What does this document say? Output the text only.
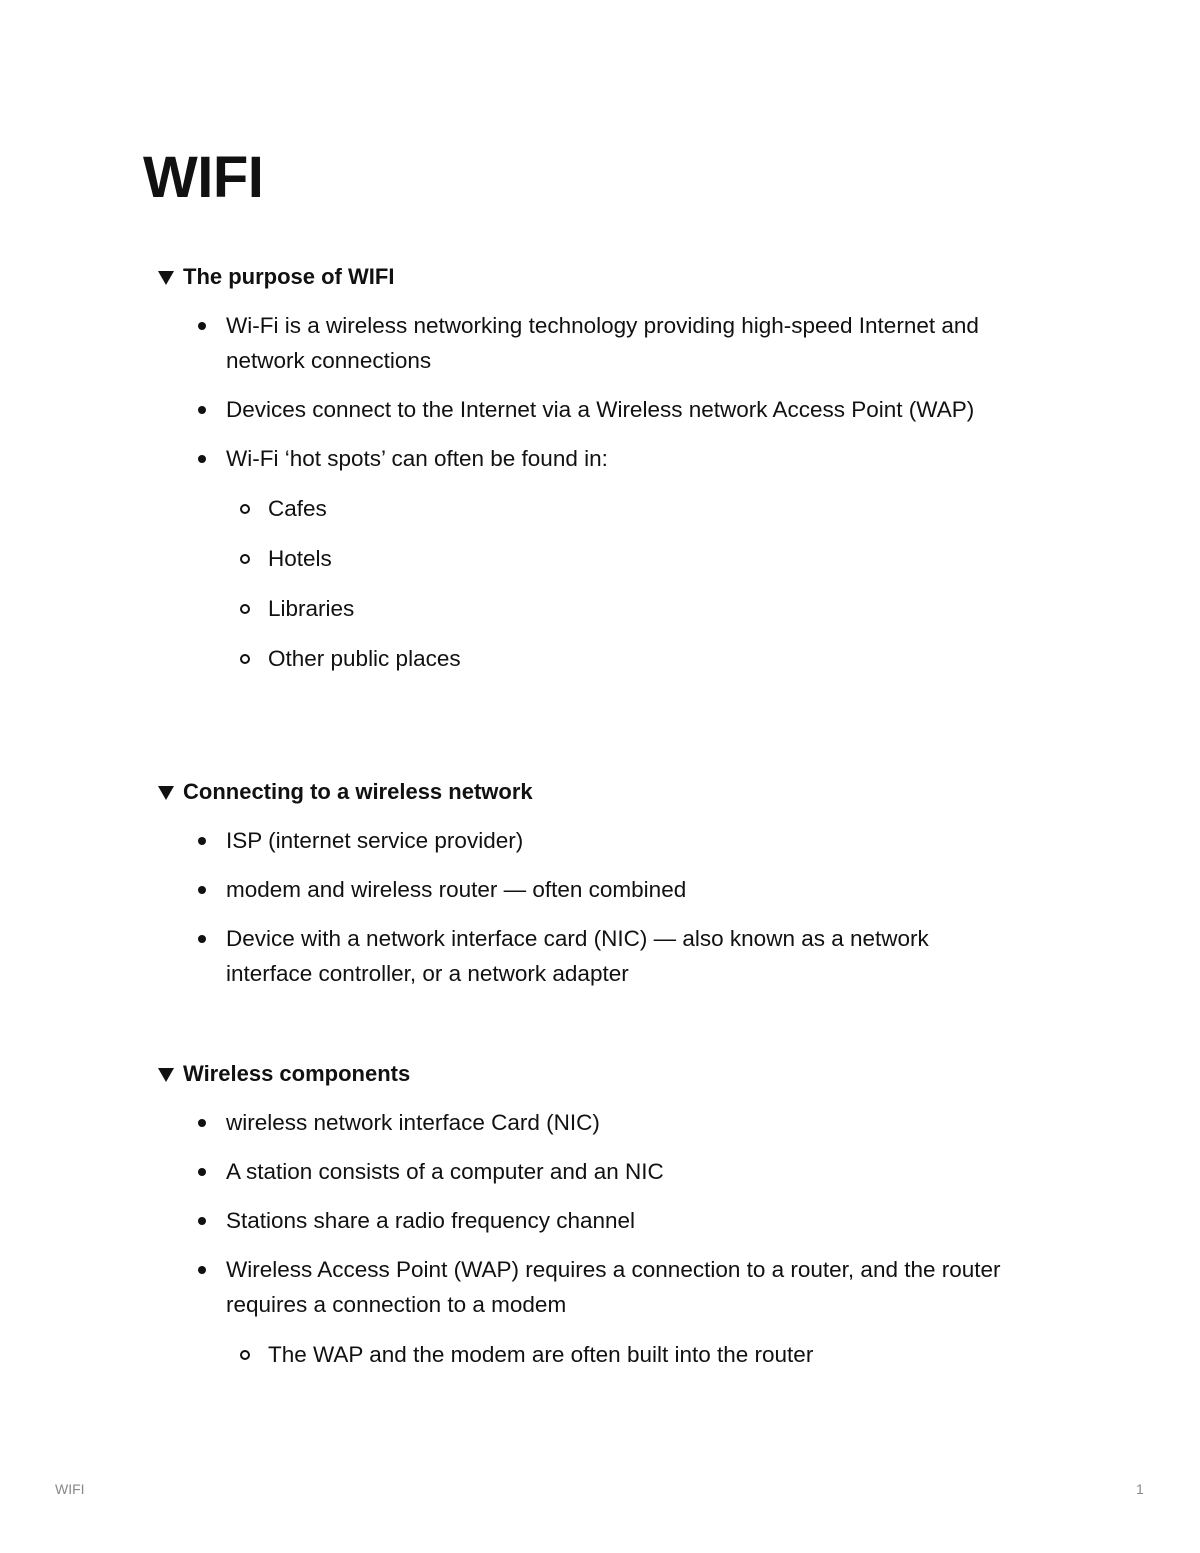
WIFI
The purpose of WIFI
Wi-Fi is a wireless networking technology providing high-speed Internet and network connections
Devices connect to the Internet via a Wireless network Access Point (WAP)
Wi-Fi ‘hot spots’ can often be found in:
Cafes
Hotels
Libraries
Other public places
Connecting to a wireless network
ISP (internet service provider)
modem and wireless router — often combined
Device with a network interface card (NIC) — also known as a network interface controller, or a network adapter
Wireless components
wireless network interface Card (NIC)
A station consists of a computer and an NIC
Stations share a radio frequency channel
Wireless Access Point (WAP) requires a connection to a router, and the router requires a connection to a modem
The WAP and the modem are often built into the router
WIFI	1
